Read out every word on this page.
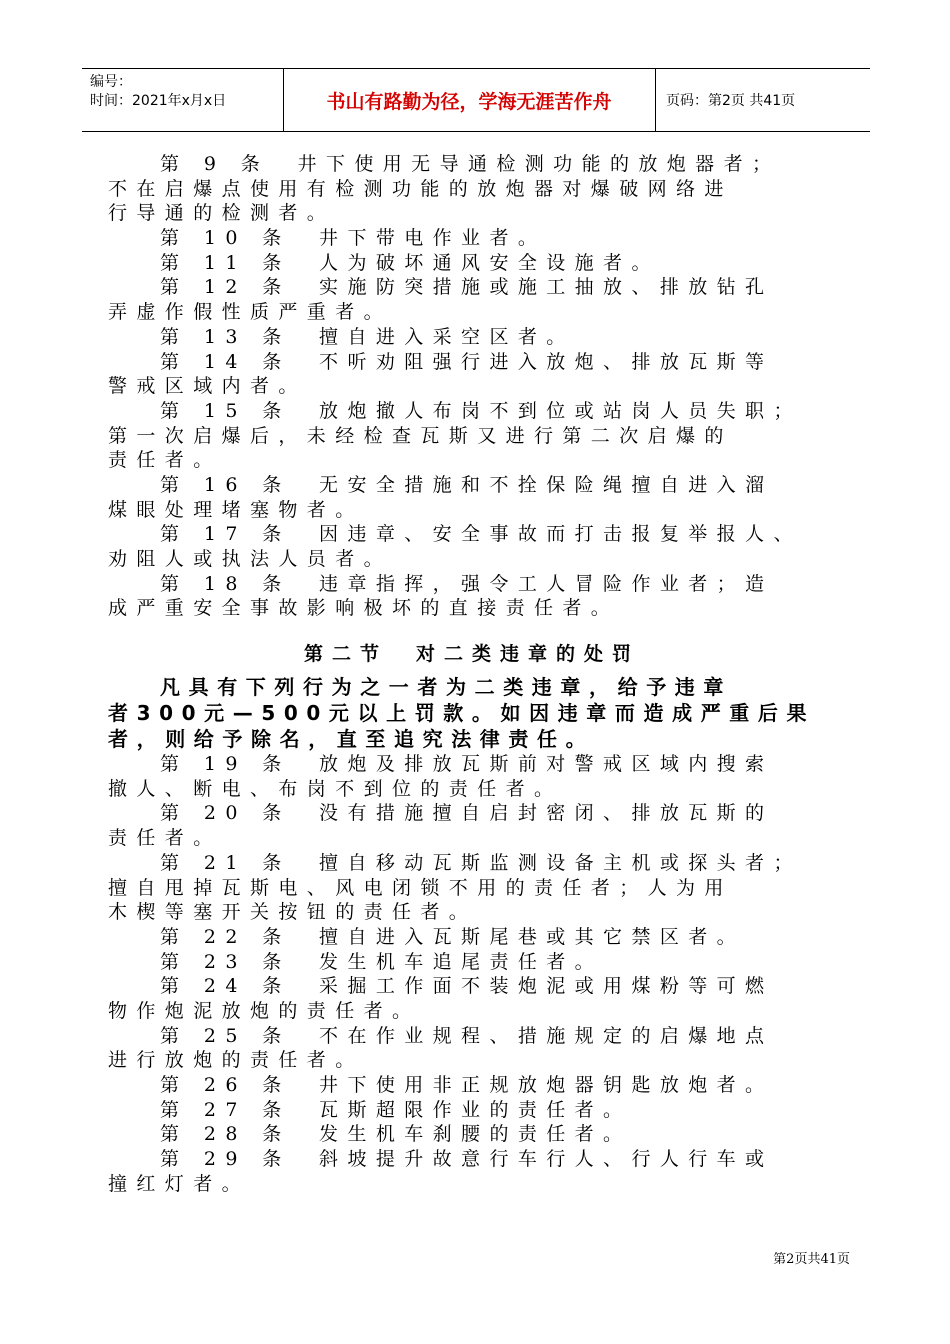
编号：
时间：2021年x月x日	书山有路勤为径，学海无涯苦作舟	页码：第2页 共41页
第 9 条　井下使用无导通检测功能的放炮器者；
不在启爆点使用有检测功能的放炮器对爆破网络进
行导通的检测者。
第 10 条　井下带电作业者。
第 11 条　人为破坏通风安全设施者。
第 12 条　实施防突措施或施工抽放、排放钻孔
弄虚作假性质严重者。
第 13 条　擅自进入采空区者。
第 14 条　不听劝阻强行进入放炮、排放瓦斯等
警戒区域内者。
第 15 条　放炮撤人布岗不到位或站岗人员失职；
第一次启爆后，未经检查瓦斯又进行第二次启爆的
责任者。
第 16 条　无安全措施和不拴保险绳擅自进入溜
煤眼处理堵塞物者。
第 17 条　因违章、安全事故而打击报复举报人、
劝阻人或执法人员者。
第 18 条　违章指挥，强令工人冒险作业者；造
成严重安全事故影响极坏的直接责任者。
第二节　对二类违章的处罚
凡具有下列行为之一者为二类违章，给予违章
者300元—500元以上罚款。如因违章而造成严重后果
者，则给予除名，直至追究法律责任。
第 19 条　放炮及排放瓦斯前对警戒区域内搜索
撤人、断电、布岗不到位的责任者。
第 20 条　没有措施擅自启封密闭、排放瓦斯的
责任者。
第 21 条　擅自移动瓦斯监测设备主机或探头者；
擅自甩掉瓦斯电、风电闭锁不用的责任者；人为用
木楔等塞开关按钮的责任者。
第 22 条　擅自进入瓦斯尾巷或其它禁区者。
第 23 条　发生机车追尾责任者。
第 24 条　采掘工作面不装炮泥或用煤粉等可燃
物作炮泥放炮的责任者。
第 25 条　不在作业规程、措施规定的启爆地点
进行放炮的责任者。
第 26 条　井下使用非正规放炮器钥匙放炮者。
第 27 条　瓦斯超限作业的责任者。
第 28 条　发生机车刹腰的责任者。
第 29 条　斜坡提升故意行车行人、行人行车或
撞红灯者。
第2页共41页
